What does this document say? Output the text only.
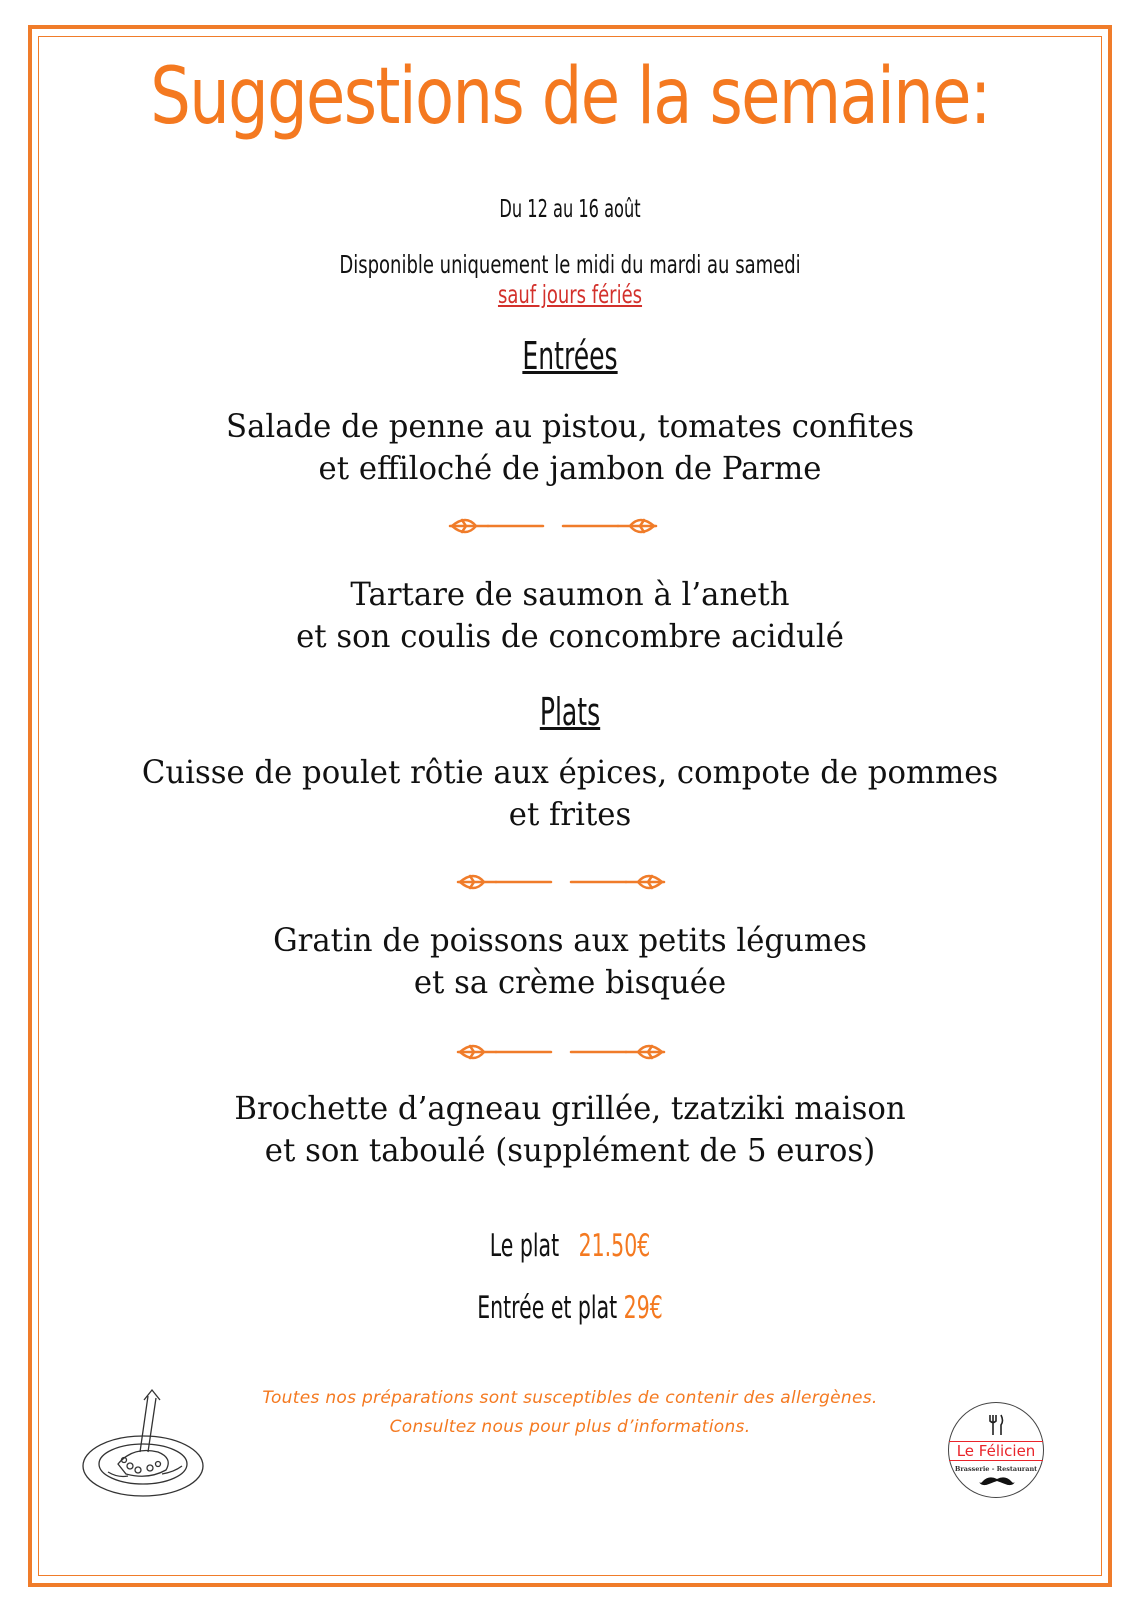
Suggestions de la semaine:
Du 12 au 16 août
Disponible uniquement le midi du mardi au samedi
sauf jours fériés
Entrées
Salade de penne au pistou, tomates confites
et effiloché de jambon de Parme
Tartare de saumon à l’aneth
et son coulis de concombre acidulé
Plats
Cuisse de poulet rôtie aux épices, compote de pommes
et frites
Gratin de poissons aux petits légumes
et sa crème bisquée
Brochette d’agneau grillée, tzatziki maison
et son taboulé (supplément de 5 euros)
Le plat 21.50€
Entrée et plat 29€
Toutes nos préparations sont susceptibles de contenir des allergènes.
Consultez nous pour plus d’informations.
Le Félicien
Brasserie - Restaurant
